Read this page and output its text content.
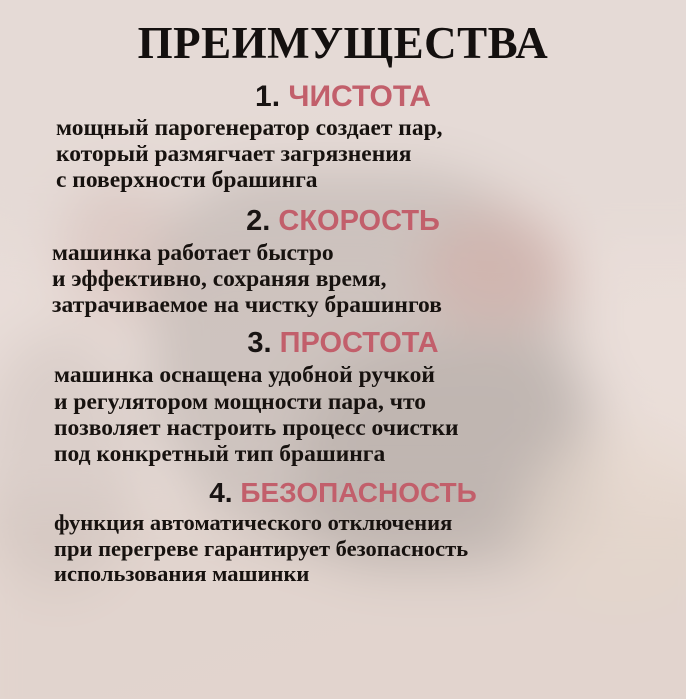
ПРЕИМУЩЕСТВА
1. ЧИСТОТА
мощный парогенератор создает пар,
который размягчает загрязнения
с поверхности брашинга
2. СКОРОСТЬ
машинка работает быстро
и эффективно, сохраняя время,
затрачиваемое на чистку брашингов
3. ПРОСТОТА
машинка оснащена удобной ручкой
и регулятором мощности пара, что
позволяет настроить процесс очистки
под конкретный тип брашинга
4. БЕЗОПАСНОСТЬ
функция автоматического отключения
при перегреве гарантирует безопасность
использования машинки
